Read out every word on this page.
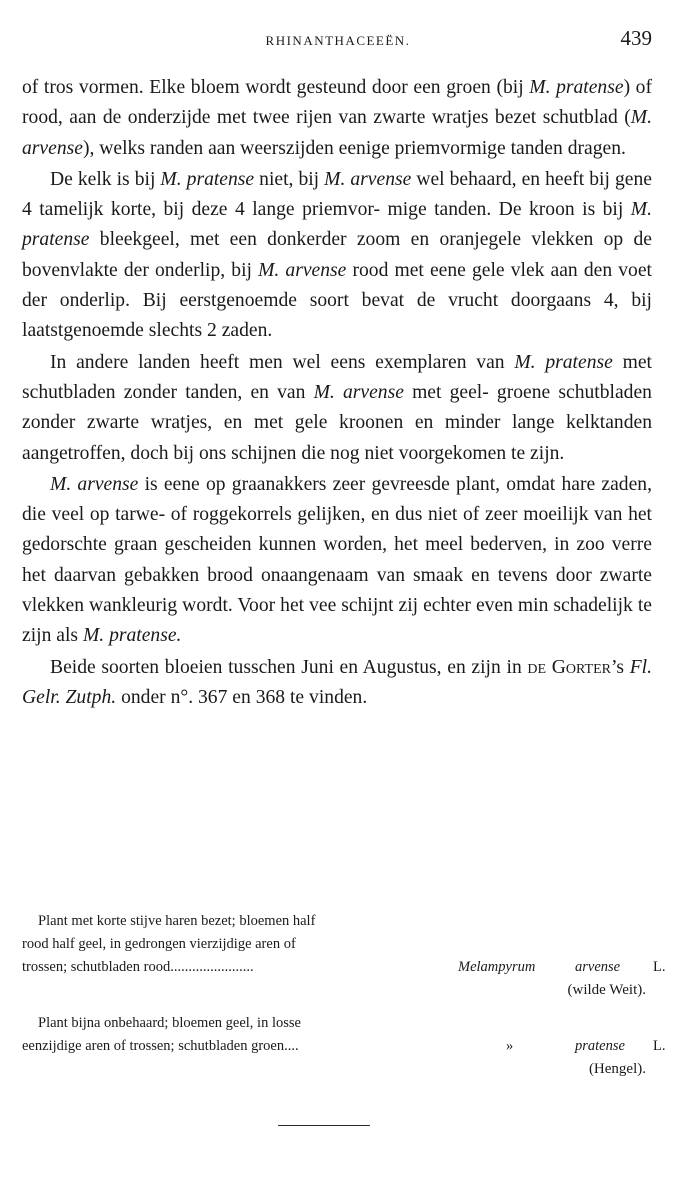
RHINANTHACEEËN.	439

of tros vormen. Elke bloem wordt gesteund door een groen (bij M. pratense) of rood, aan de onderzijde met twee rijen van zwarte wratjes bezet schutblad (M. arvense), welks randen aan weerszijden eenige priemvormige tanden dragen.

De kelk is bij M. pratense niet, bij M. arvense wel behaard, en heeft bij gene 4 tamelijk korte, bij deze 4 lange priemvor- mige tanden. De kroon is bij M. pratense bleekgeel, met een donkerder zoom en oranjegele vlekken op de bovenvlakte der onderlip, bij M. arvense rood met eene gele vlek aan den voet der onderlip. Bij eerstgenoemde soort bevat de vrucht doorgaans 4, bij laatstgenoemde slechts 2 zaden.

In andere landen heeft men wel eens exemplaren van M. pratense met schutbladen zonder tanden, en van M. arvense met geel- groene schutbladen zonder zwarte wratjes, en met gele kroonen en minder lange kelktanden aangetroffen, doch bij ons schijnen die nog niet voorgekomen te zijn.

M. arvense is eene op graanakkers zeer gevreesde plant, omdat hare zaden, die veel op tarwe- of roggekorrels gelijken, en dus niet of zeer moeilijk van het gedorschte graan gescheiden kunnen worden, het meel bederven, in zoo verre het daarvan gebakken brood onaangenaam van smaak en tevens door zwarte vlekken wankleurig wordt. Voor het vee schijnt zij echter even min schadelijk te zijn als M. pratense.

Beide soorten bloeien tusschen Juni en Augustus, en zijn in de Gorter’s Fl. Gelr. Zutph. onder n°. 367 en 368 te vinden.

Plant met korte stijve haren bezet; bloemen half
rood half geel, in gedrongen vierzijdige aren of
trossen; schutbladen rood.......................	Melampyrum	arvense L.
(wilde Weit).
Plant bijna onbehaard; bloemen geel, in losse
eenzijdige aren of trossen; schutbladen groen....	»	pratense L.
(Hengel).
